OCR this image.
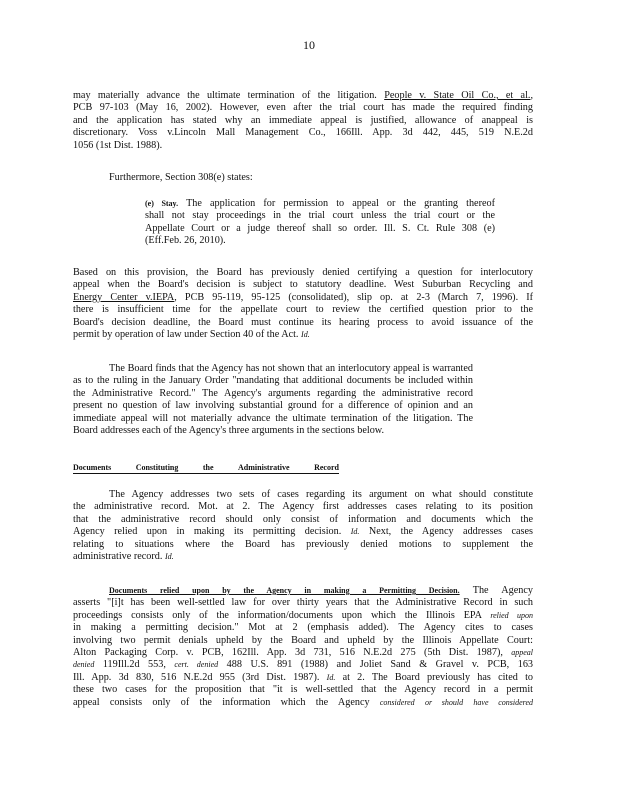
10
may materially advance the ultimate termination of the litigation. People v. State Oil Co., et al.,
PCB 97-103 (May 16, 2002). However, even after the trial court has made the required finding
and the application has stated why an immediate appeal is justified, allowance of anappeal is
discretionary. Voss v.Lincoln Mall Management Co., 166Ill. App. 3d 442, 445, 519 N.E.2d
1056 (1st Dist. 1988).
Furthermore, Section 308(e) states:
(e) Stay. The application for permission to appeal or the granting thereof
shall not stay proceedings in the trial court unless the trial court or the
Appellate Court or a judge thereof shall so order. Ill. S. Ct. Rule 308 (e)
(Eff.Feb. 26, 2010).
Based on this provision, the Board has previously denied certifying a question for interlocutory
appeal when the Board's decision is subject to statutory deadline. West Suburban Recycling and
Energy Center v.IEPA, PCB 95-119, 95-125 (consolidated), slip op. at 2-3 (March 7, 1996). If
there is insufficient time for the appellate court to review the certified question prior to the
Board's decision deadline, the Board must continue its hearing process to avoid issuance of the
permit by operation of law under Section 40 of the Act. Id.
The Board finds that the Agency has not shown that an interlocutory appeal is warranted
as to the ruling in the January Order "mandating that additional documents be included within
the Administrative Record." The Agency's arguments regarding the administrative record
present no question of law involving substantial ground for a difference of opinion and an
immediate appeal will not materially advance the ultimate termination of the litigation. The
Board addresses each of the Agency's three arguments in the sections below.
Documents	Constituting	the	Administrative	Record
The Agency addresses two sets of cases regarding its argument on what should constitute
the administrative record. Mot. at 2. The Agency first addresses cases relating to its position
that the administrative record should only consist of information and documents which the
Agency relied upon in making its permitting decision. Id. Next, the Agency addresses cases
relating to situations where the Board has previously denied motions to supplement the
administrative record. Id.
Documents relied upon by the Agency in making a Permitting Decision. The Agency
asserts "[i]t has been well-settled law for over thirty years that the Administrative Record in such
proceedings consists only of the information/documents upon which the Illinois EPA relied upon
in making a permitting decision." Mot at 2 (emphasis added). The Agency cites to cases
involving two permit denials upheld by the Board and upheld by the Illinois Appellate Court:
Alton Packaging Corp. v. PCB, 162Ill. App. 3d 731, 516 N.E.2d 275 (5th Dist. 1987), appeal
denied 119Ill.2d 553, cert. denied 488 U.S. 891 (1988) and Joliet Sand & Gravel v. PCB, 163
Ill. App. 3d 830, 516 N.E.2d 955 (3rd Dist. 1987). Id. at 2. The Board previously has cited to
these two cases for the proposition that "it is well-settled that the Agency record in a permit
appeal consists only of the information which the Agency considered or should have considered
